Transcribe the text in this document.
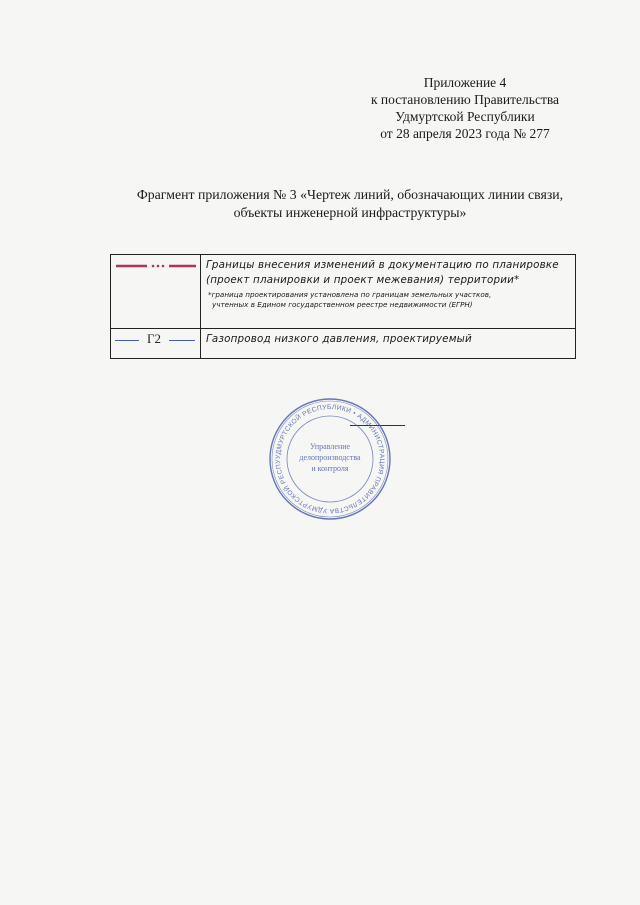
Приложение 4
к постановлению Правительства
Удмуртской Республики
от 28 апреля 2023 года № 277
Фрагмент приложения № 3 «Чертеж линий, обозначающих линии связи,
объекты инженерной инфраструктуры»

Границы внесения изменений в документацию по планировке
(проект планировки и проект межевания) территории*
*граница проектирования установлена по границам земельных участков,
учтенных в Едином государственном реестре недвижимости (ЕГРН)

Г2	Газопровод низкого давления, проектируемый
УДМУРТСКОЙ РЕСПУБЛИКИ • АДМИНИСТРАЦИЯ ПРАВИТЕЛЬСТВА УДМУРТСКОЙ РЕСПУ
Управление
делопроизводства
и контроля
